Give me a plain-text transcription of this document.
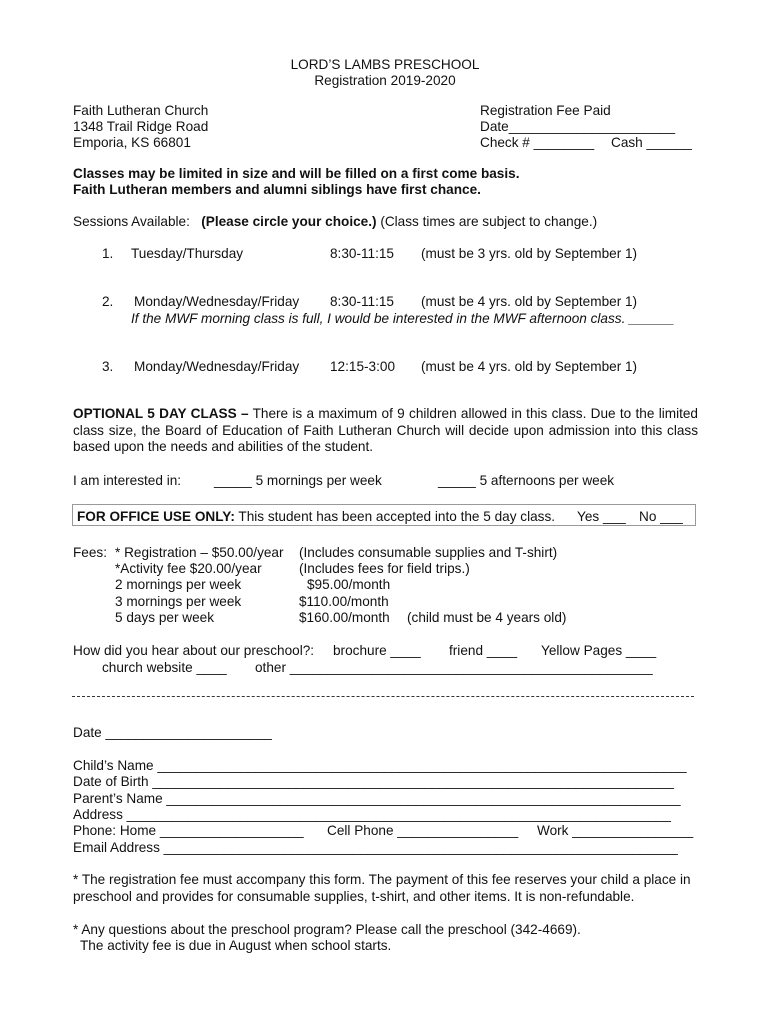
LORD’S LAMBS PRESCHOOL
Registration 2019-2020
Faith Lutheran Church
1348 Trail Ridge Road
Emporia, KS 66801
Registration Fee Paid
Date______________________
Check # ________ Cash ______
Classes may be limited in size and will be filled on a first come basis.
Faith Lutheran members and alumni siblings have first chance.
Sessions Available: (Please circle your choice.) (Class times are subject to change.)
1. Tuesday/Thursday	8:30-11:15 (must be 3 yrs. old by September 1)
2. Monday/Wednesday/Friday 8:30-11:15 (must be 4 yrs. old by September 1)
If the MWF morning class is full, I would be interested in the MWF afternoon class. ______
3. Monday/Wednesday/Friday 12:15-3:00 (must be 4 yrs. old by September 1)
OPTIONAL 5 DAY CLASS – There is a maximum of 9 children allowed in this class. Due to the limited class size, the Board of Education of Faith Lutheran Church will decide upon admission into this class based upon the needs and abilities of the student.
I am interested in: _____ 5 mornings per week	_____ 5 afternoons per week
FOR OFFICE USE ONLY: This student has been accepted into the 5 day class. Yes ___ No ___
Fees: * Registration – $50.00/year (Includes consumable supplies and T-shirt)
*Activity fee $20.00/year	(Includes fees for field trips.)
2 mornings per week	$95.00/month
3 mornings per week	$110.00/month
5 days per week	$160.00/month (child must be 4 years old)
How did you hear about our preschool?: brochure ____ friend ____ Yellow Pages ____
church website ____ other ________________________________________________
Date ______________________
Child’s Name ______________________________________________________________________
Date of Birth _____________________________________________________________________
Parent’s Name ____________________________________________________________________
Address ________________________________________________________________________
Phone: Home ___________________ Cell Phone ________________ Work ________________
Email Address ____________________________________________________________________
* The registration fee must accompany this form. The payment of this fee reserves your child a place in preschool and provides for consumable supplies, t-shirt, and other items. It is non-refundable.
* Any questions about the preschool program? Please call the preschool (342-4669).
The activity fee is due in August when school starts.
